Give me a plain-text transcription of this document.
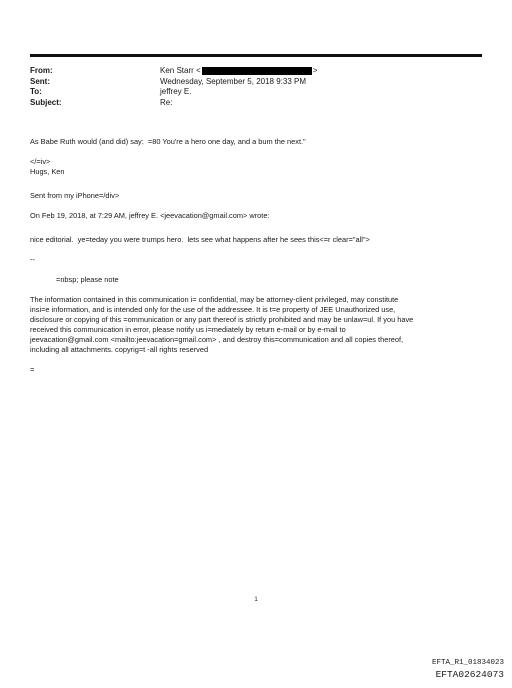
From:	Ken Starr <	>
Sent:	Wednesday, September 5, 2018 9:33 PM
To:	jeffrey E.
Subject:	Re:

As Babe Ruth would (and did) say:  =80 You're a hero one day, and a bum the next."

</=iv>

Hugs, Ken

Sent from my iPhone=/div>

On Feb 19, 2018, at 7:29 AM, jeffrey E. <jeevacation@gmail.com> wrote:

nice editorial.  ye=teday you were trumps hero.  lets see what happens after he sees this<=r clear="all">

--

=nbsp; please note

The information contained in this communication i= confidential, may be attorney-client privileged, may constitute

insi=e information, and is intended only for the use of the addressee. It is t=e property of JEE Unauthorized use,

disclosure or copying of this =ommunication or any part thereof is strictly prohibited and may be unlaw=ul. If you have

received this communication in error, please notify us i=mediately by return e-mail or by e-mail to

jeevacation@gmail.com <mailto:jeevacation=gmail.com> , and destroy this=communication and all copies thereof,

including all attachments. copyrig=t -all rights reserved

=

1
EFTA_R1_01834023
EFTA02624073
